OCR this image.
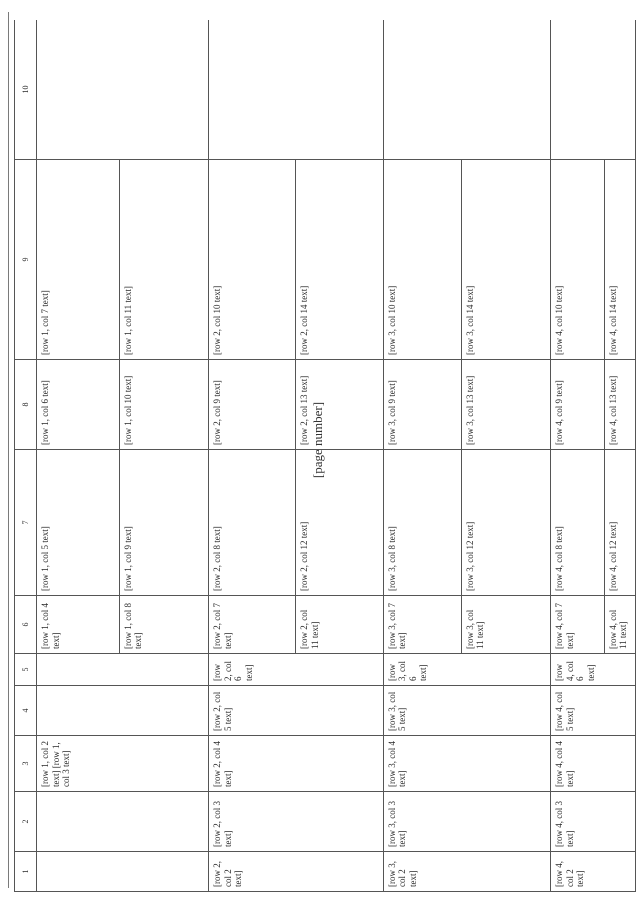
[page number]
1	2	3	4	5	6	7	8	9	10
		[row 1, col 2 text] [row 1, col 3 text]			[row 1, col 4 text]	[row 1, col 5 text]	[row 1, col 6 text]	[row 1, col 7 text]	
					[row 1, col 8 text]	[row 1, col 9 text]	[row 1, col 10 text]	[row 1, col 11 text]	
[row 2, col 2 text]	[row 2, col 3 text]	[row 2, col 4 text]	[row 2, col 5 text]	[row 2, col 6 text]	[row 2, col 7 text]	[row 2, col 8 text]	[row 2, col 9 text]	[row 2, col 10 text]	
					[row 2, col 11 text]	[row 2, col 12 text]	[row 2, col 13 text]	[row 2, col 14 text]	
[row 3, col 2 text]	[row 3, col 3 text]	[row 3, col 4 text]	[row 3, col 5 text]	[row 3, col 6 text]	[row 3, col 7 text]	[row 3, col 8 text]	[row 3, col 9 text]	[row 3, col 10 text]	
					[row 3, col 11 text]	[row 3, col 12 text]	[row 3, col 13 text]	[row 3, col 14 text]	
[row 4, col 2 text]	[row 4, col 3 text]	[row 4, col 4 text]	[row 4, col 5 text]	[row 4, col 6 text]	[row 4, col 7 text]	[row 4, col 8 text]	[row 4, col 9 text]	[row 4, col 10 text]	
					[row 4, col 11 text]	[row 4, col 12 text]	[row 4, col 13 text]	[row 4, col 14 text]	
